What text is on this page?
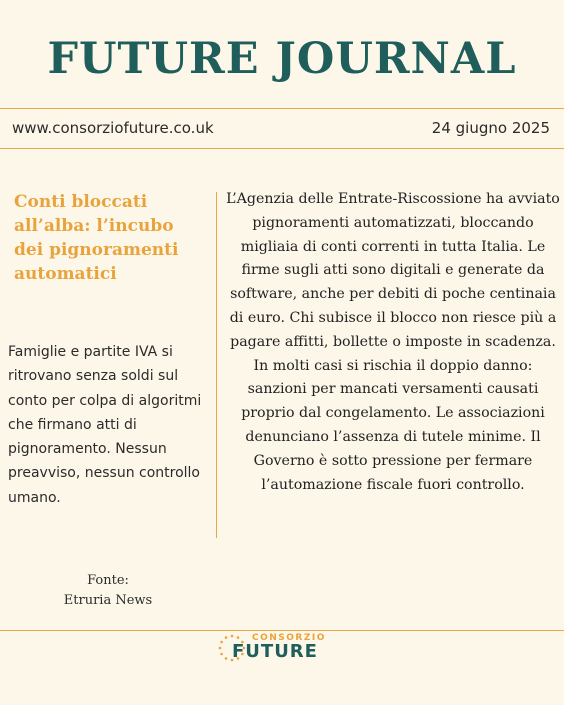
FUTURE JOURNAL
www.consorziofuture.co.uk	24 giugno 2025
Conti bloccati all’alba: l’incubo dei pignoramenti automatici
Famiglie e partite IVA si ritrovano senza soldi sul conto per colpa di algoritmi che firmano atti di pignoramento. Nessun preavviso, nessun controllo umano.
L’Agenzia delle Entrate-Riscossione ha avviato pignoramenti automatizzati, bloccando migliaia di conti correnti in tutta Italia. Le firme sugli atti sono digitali e generate da software, anche per debiti di poche centinaia di euro. Chi subisce il blocco non riesce più a pagare affitti, bollette o imposte in scadenza. In molti casi si rischia il doppio danno: sanzioni per mancati versamenti causati proprio dal congelamento. Le associazioni denunciano l’assenza di tutele minime. Il Governo è sotto pressione per fermare l’automazione fiscale fuori controllo.
Fonte:
Etruria News
CONSORZIO
FUTURE
